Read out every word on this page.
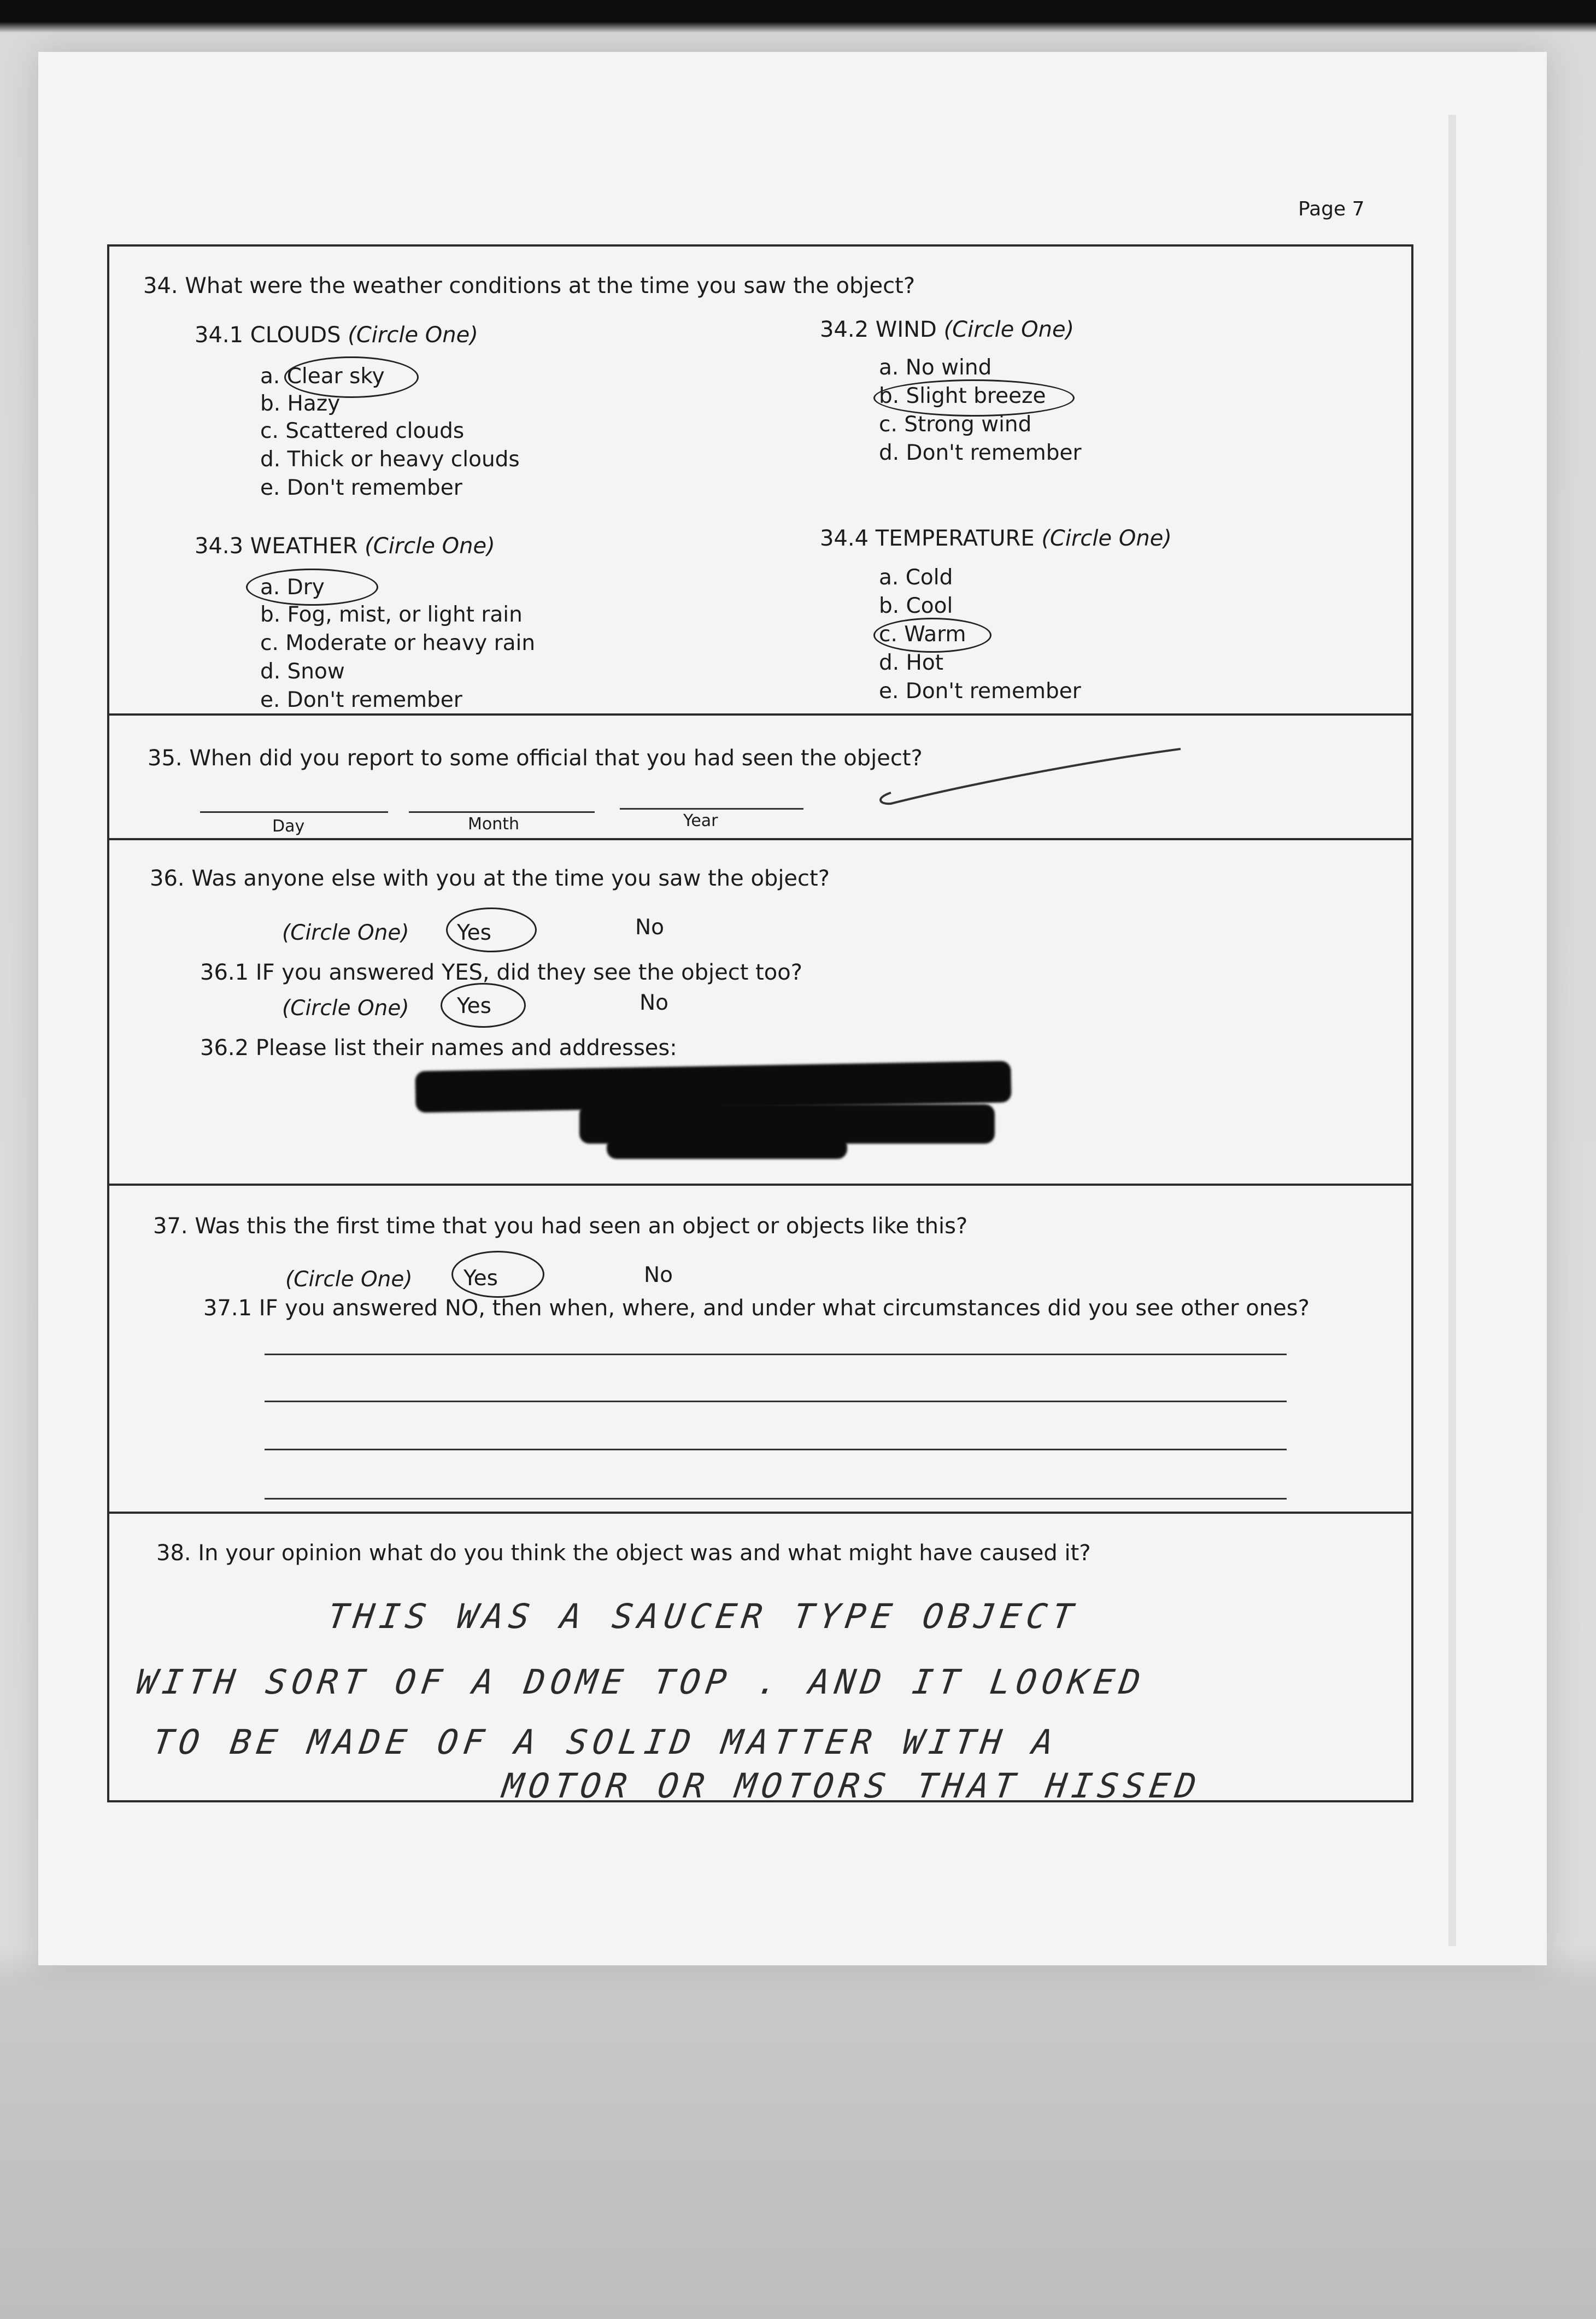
Page 7
34. What were the weather conditions at the time you saw the object?
34.1 CLOUDS (Circle One)
a. Clear sky
b. Hazy
c. Scattered clouds
d. Thick or heavy clouds
e. Don't remember
34.2 WIND (Circle One)
a. No wind
b. Slight breeze
c. Strong wind
d. Don't remember
34.3 WEATHER (Circle One)
a. Dry
b. Fog, mist, or light rain
c. Moderate or heavy rain
d. Snow
e. Don't remember
34.4 TEMPERATURE (Circle One)
a. Cold
b. Cool
c. Warm
d. Hot
e. Don't remember
35. When did you report to some official that you had seen the object?
Day	Month	Year
36. Was anyone else with you at the time you saw the object?
(Circle One) Yes	No
36.1 IF you answered YES, did they see the object too?
(Circle One) Yes	No
36.2 Please list their names and addresses:
37. Was this the first time that you had seen an object or objects like this?
(Circle One) Yes	No
37.1 IF you answered NO, then when, where, and under what circumstances did you see other ones?
38. In your opinion what do you think the object was and what might have caused it?
THIS WAS A SAUCER TYPE OBJECT
WITH SORT OF A DOME TOP . AND IT LOOKED
TO BE MADE OF A SOLID MATTER WITH A
MOTOR OR MOTORS THAT HISSED
